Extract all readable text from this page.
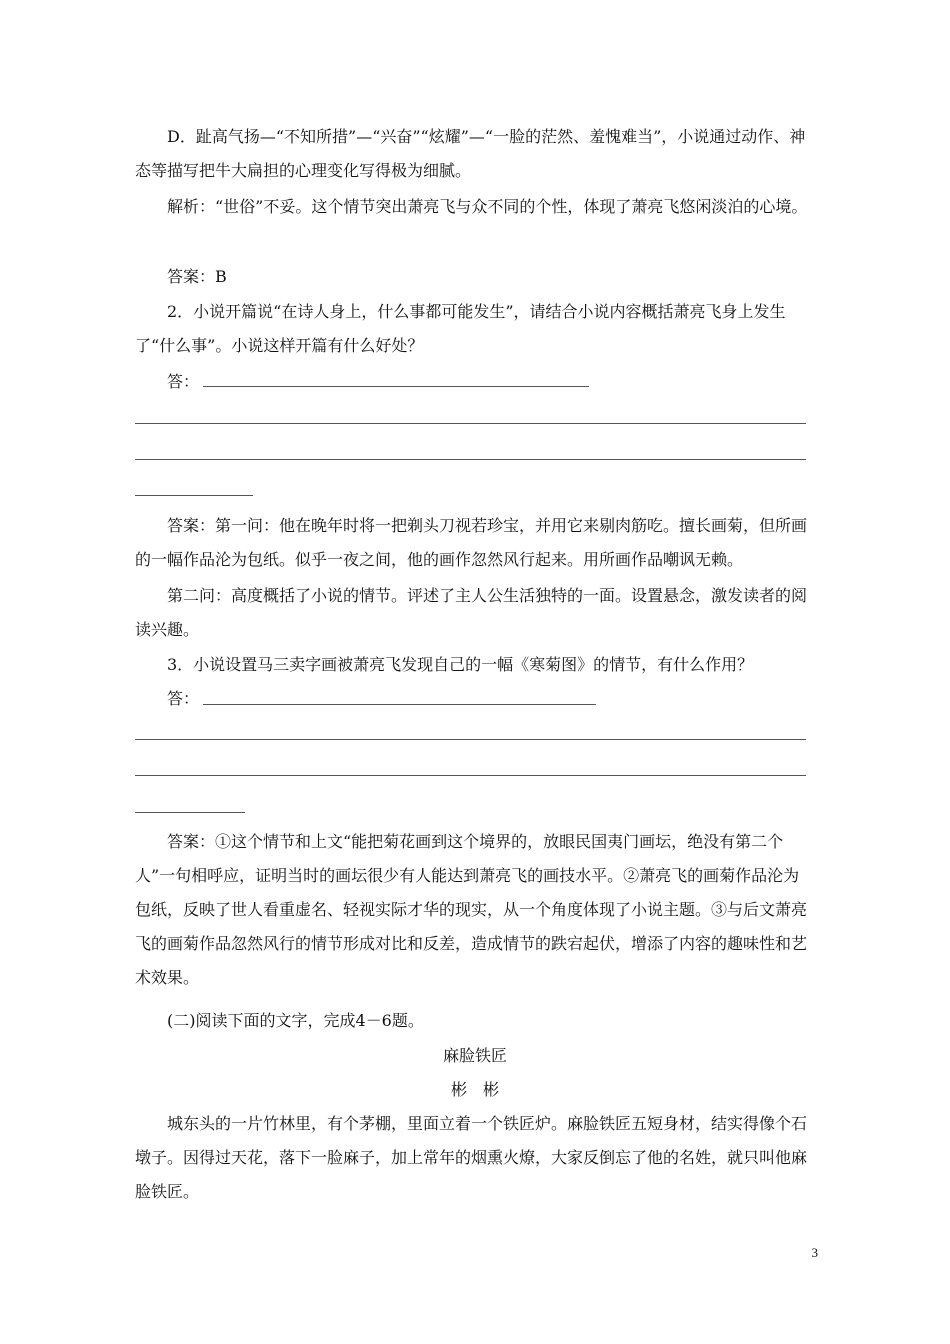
D．趾高气扬—“不知所措”—“兴奋”“炫耀”—“一脸的茫然、羞愧难当”，小说通过动作、神态等描写把牛大扁担的心理变化写得极为细腻。

解析：“世俗”不妥。这个情节突出萧亮飞与众不同的个性，体现了萧亮飞悠闲淡泊的心境。

答案：B

2．小说开篇说“在诗人身上，什么事都可能发生”，请结合小说内容概括萧亮飞身上发生了“什么事”。小说这样开篇有什么好处？

答：

答案：第一问：他在晚年时将一把剃头刀视若珍宝，并用它来剔肉筋吃。擅长画菊，但所画的一幅作品沦为包纸。似乎一夜之间，他的画作忽然风行起来。用所画作品嘲讽无赖。

第二问：高度概括了小说的情节。评述了主人公生活独特的一面。设置悬念，激发读者的阅读兴趣。

3．小说设置马三卖字画被萧亮飞发现自己的一幅《寒菊图》的情节，有什么作用？

答：

答案：①这个情节和上文“能把菊花画到这个境界的，放眼民国夷门画坛，绝没有第二个人”一句相呼应，证明当时的画坛很少有人能达到萧亮飞的画技水平。②萧亮飞的画菊作品沦为包纸，反映了世人看重虚名、轻视实际才华的现实，从一个角度体现了小说主题。③与后文萧亮飞的画菊作品忽然风行的情节形成对比和反差，造成情节的跌宕起伏，增添了内容的趣味性和艺术效果。

(二)阅读下面的文字，完成4－6题。

麻脸铁匠
彬　彬

城东头的一片竹林里，有个茅棚，里面立着一个铁匠炉。麻脸铁匠五短身材，结实得像个石墩子。因得过天花，落下一脸麻子，加上常年的烟熏火燎，大家反倒忘了他的名姓，就只叫他麻脸铁匠。

3
